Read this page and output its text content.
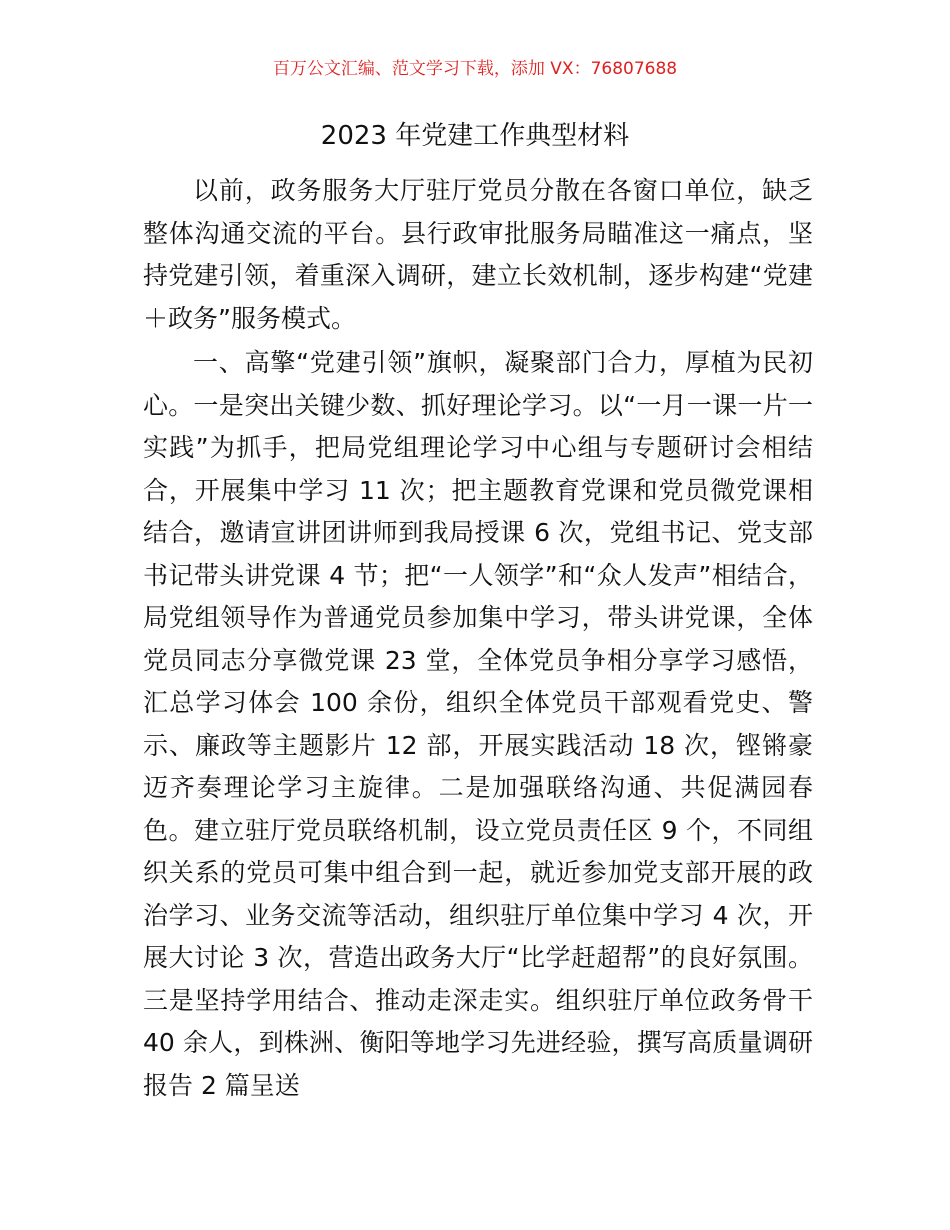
百万公文汇编、范文学习下载，添加 VX：76807688
2023 年党建工作典型材料

以前，政务服务大厅驻厅党员分散在各窗口单位，缺乏整体沟通交流的平台。县行政审批服务局瞄准这一痛点，坚持党建引领，着重深入调研，建立长效机制，逐步构建“党建＋政务”服务模式。

一、高擎“党建引领”旗帜，凝聚部门合力，厚植为民初心。一是突出关键少数、抓好理论学习。以“一月一课一片一实践”为抓手，把局党组理论学习中心组与专题研讨会相结合，开展集中学习 11 次；把主题教育党课和党员微党课相结合，邀请宣讲团讲师到我局授课 6 次，党组书记、党支部书记带头讲党课 4 节；把“一人领学”和“众人发声”相结合，局党组领导作为普通党员参加集中学习，带头讲党课，全体党员同志分享微党课 23 堂，全体党员争相分享学习感悟，汇总学习体会 100 余份，组织全体党员干部观看党史、警示、廉政等主题影片 12 部，开展实践活动 18 次，铿锵豪迈齐奏理论学习主旋律。二是加强联络沟通、共促满园春色。建立驻厅党员联络机制，设立党员责任区 9 个，不同组织关系的党员可集中组合到一起，就近参加党支部开展的政治学习、业务交流等活动，组织驻厅单位集中学习 4 次，开展大讨论 3 次，营造出政务大厅“比学赶超帮”的良好氛围。三是坚持学用结合、推动走深走实。组织驻厅单位政务骨干 40 余人，到株洲、衡阳等地学习先进经验，撰写高质量调研报告 2 篇呈送
